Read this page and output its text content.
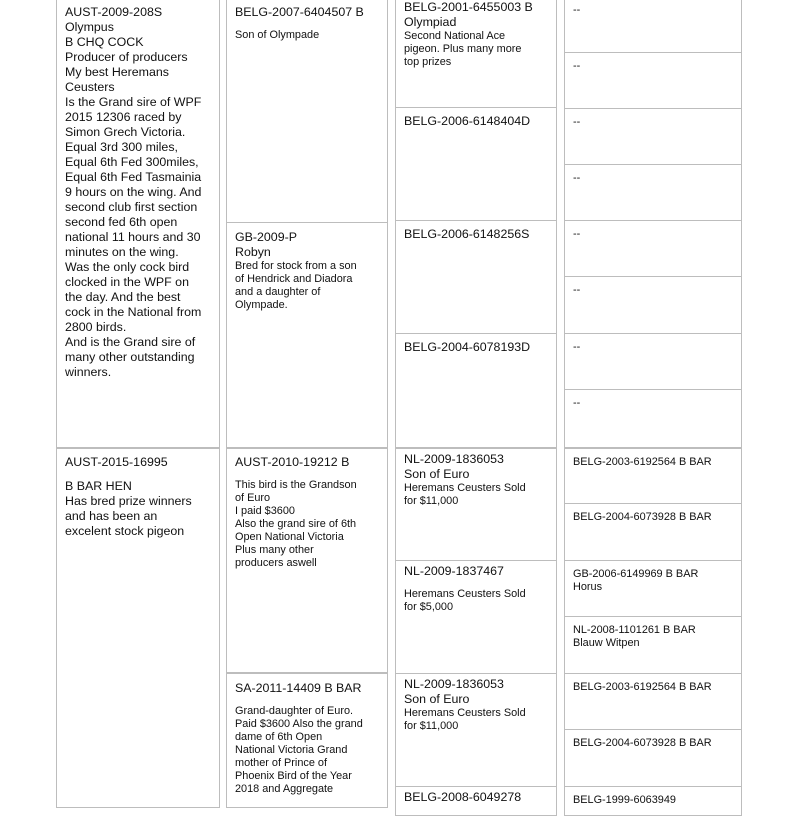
AUST-2009-208S
Olympus
B CHQ COCK
Producer of producers
My best Heremans
Ceusters
Is the Grand sire of WPF
2015 12306 raced by
Simon Grech Victoria.
Equal 3rd 300 miles,
Equal 6th Fed 300miles,
Equal 6th Fed Tasmainia
9 hours on the wing. And
second club first section
second fed 6th open
national 11 hours and 30
minutes on the wing.
Was the only cock bird
clocked in the WPF on
the day. And the best
cock in the National from
2800 birds.
And is the Grand sire of
many other outstanding
winners.
BELG-2007-6404507 B
Son of Olympade
GB-2009-P
Robyn
Bred for stock from a son
of Hendrick and Diadora
and a daughter of
Olympade.
BELG-2001-6455003 B
Olympiad
Second National Ace
pigeon. Plus many more
top prizes
BELG-2006-6148404D
BELG-2006-6148256S
BELG-2004-6078193D
--
--
--
--
--
--
--
--
AUST-2015-16995
B BAR HEN
Has bred prize winners
and has been an
excelent stock pigeon
AUST-2010-19212 B
This bird is the Grandson
of Euro
I paid $3600
Also the grand sire of 6th
Open National Victoria
Plus many other
producers aswell
SA-2011-14409 B BAR
Grand-daughter of Euro.
Paid $3600 Also the grand
dame of 6th Open
National Victoria Grand
mother of Prince of
Phoenix Bird of the Year
2018 and Aggregate
NL-2009-1836053
Son of Euro
Heremans Ceusters Sold
for $11,000
NL-2009-1837467
Heremans Ceusters Sold
for $5,000
NL-2009-1836053
Son of Euro
Heremans Ceusters Sold
for $11,000
BELG-2008-6049278
BELG-2003-6192564 B BAR
BELG-2004-6073928 B BAR
GB-2006-6149969 B BAR
Horus
NL-2008-1101261 B BAR
Blauw Witpen
BELG-2003-6192564 B BAR
BELG-2004-6073928 B BAR
BELG-1999-6063949
